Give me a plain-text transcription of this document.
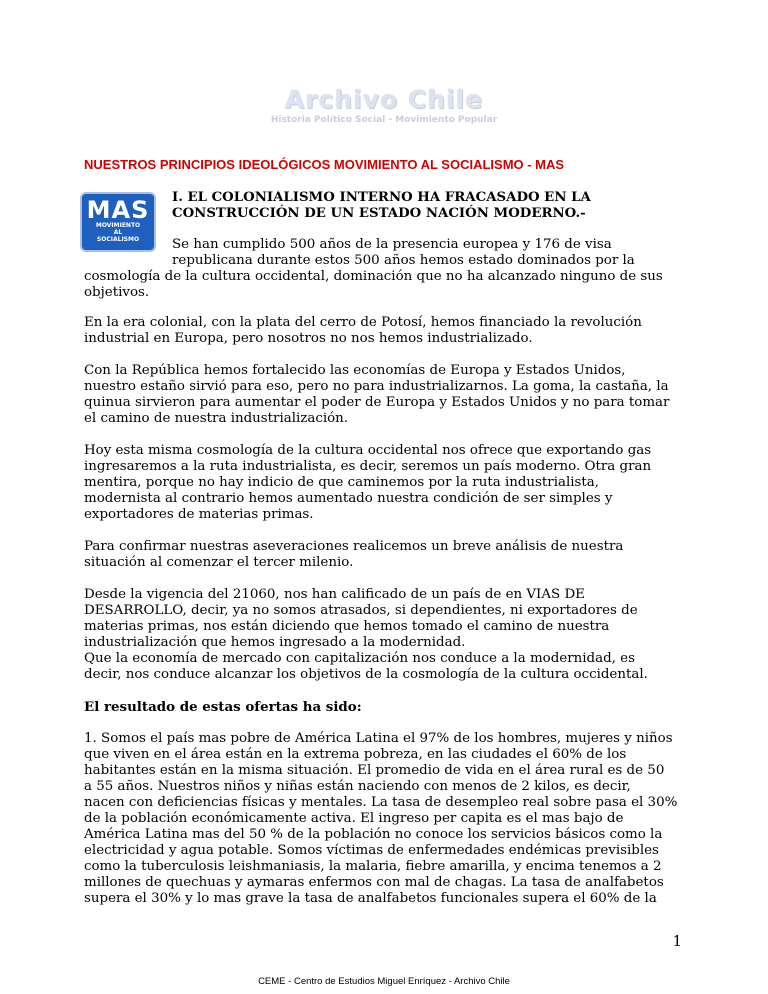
Archivo Chile
Historia Político Social - Movimiento Popular
NUESTROS PRINCIPIOS IDEOLÓGICOS MOVIMIENTO AL SOCIALISMO - MAS
MAS
MOVIMIENTO
AL
SOCIALISMO
I. EL COLONIALISMO INTERNO HA FRACASADO EN LA
CONSTRUCCIÓN DE UN ESTADO NACIÓN MODERNO.-
Se han cumplido 500 años de la presencia europea y 176 de visa
republicana durante estos 500 años hemos estado dominados por la
cosmología de la cultura occidental, dominación que no ha alcanzado ninguno de sus
objetivos.
En la era colonial, con la plata del cerro de Potosí, hemos financiado la revolución
industrial en Europa, pero nosotros no nos hemos industrializado.
Con la República hemos fortalecido las economías de Europa y Estados Unidos,
nuestro estaño sirvió para eso, pero no para industrializarnos. La goma, la castaña, la
quinua sirvieron para aumentar el poder de Europa y Estados Unidos y no para tomar
el camino de nuestra industrialización.
Hoy esta misma cosmología de la cultura occidental nos ofrece que exportando gas
ingresaremos a la ruta industrialista, es decir, seremos un país moderno. Otra gran
mentira, porque no hay indicio de que caminemos por la ruta industrialista,
modernista al contrario hemos aumentado nuestra condición de ser simples y
exportadores de materias primas.
Para confirmar nuestras aseveraciones realicemos un breve análisis de nuestra
situación al comenzar el tercer milenio.
Desde la vigencia del 21060, nos han calificado de un país de en VIAS DE
DESARROLLO, decir, ya no somos atrasados, si dependientes, ni exportadores de
materias primas, nos están diciendo que hemos tomado el camino de nuestra
industrialización que hemos ingresado a la modernidad.
Que la economía de mercado con capitalización nos conduce a la modernidad, es
decir, nos conduce alcanzar los objetivos de la cosmología de la cultura occidental.
El resultado de estas ofertas ha sido:
1. Somos el país mas pobre de América Latina el 97% de los hombres, mujeres y niños
que viven en el área están en la extrema pobreza, en las ciudades el 60% de los
habitantes están en la misma situación. El promedio de vida en el área rural es de 50
a 55 años. Nuestros niños y niñas están naciendo con menos de 2 kilos, es decir,
nacen con deficiencias físicas y mentales. La tasa de desempleo real sobre pasa el 30%
de la población económicamente activa. El ingreso per capita es el mas bajo de
América Latina mas del 50 % de la población no conoce los servicios básicos como la
electricidad y agua potable. Somos víctimas de enfermedades endémicas previsibles
como la tuberculosis leishmaniasis, la malaria, fiebre amarilla, y encima tenemos a 2
millones de quechuas y aymaras enfermos con mal de chagas. La tasa de analfabetos
supera el 30% y lo mas grave la tasa de analfabetos funcionales supera el 60% de la
1
CEME - Centro de Estudios Miguel Enríquez - Archivo Chile
